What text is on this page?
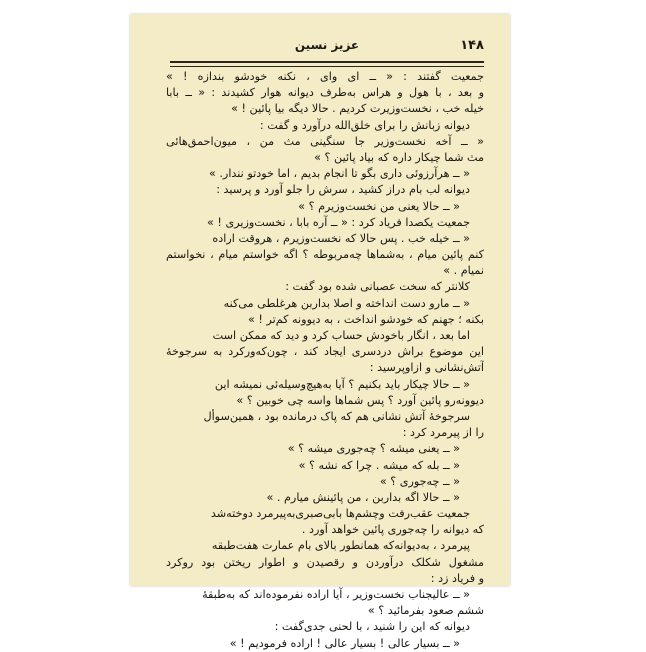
۱۴۸
عزیز نسین
جمعیت گفتند : « ــ ای وای ، نکنه خودشو بندازه ! »
و بعد ، با هول و هراس به‌طرف دیوانه هوار کشیدند : « ــ بابا
خیله خب ، نخست‌وزیرت کردیم . حالا دیگه بیا پائین ! »
دیوانه زبانش را برای خلق‌الله درآورد و گفت :
« ــ آخه نخست‌وزیر جا سنگینی مث من ، میون‌احمق‌هائی
مث شما چیکار داره که بیاد پائین ؟ »
« ــ هرآرزوئی داری بگو تا انجام بدیم ، اما خودتو نندار. »
دیوانه لب بام دراز کشید ، سرش را جلو آورد و پرسید :
« ــ حالا یعنی من نخست‌وزیرم ؟ »
جمعیت یکصدا فریاد کرد : « ــ آره بابا ، نخست‌وزیری ! »
« ــ خیله خب . پس حالا که نخست‌وزیرم ، هروقت اراده
کنم پائین میام ، به‌شماها چه‌مربوطه ؟ اگه خواستم میام ، نخواستم
نمیام . »
کلانتر که سخت عصبانی شده بود گفت :
« ــ مارو دست انداخته و اصلا بداربن هرغلطی می‌کنه
بکنه ؛ جهنم که خودشو انداخت ، به دیوونه کم‌تر ! »
اما بعد ، انگار باخودش حساب کرد و دید که ممکن است
این موضوع براش دردسری ایجاد کند ، چون‌که‌ورکرد به سرجوخهٔ
آتش‌نشانی و ازاوپرسید :
« ــ حالا چیکار باید بکنیم ؟ آیا به‌هیچ‌وسیله‌ئی نمیشه این
دیوونه‌رو پائین آورد ؟ پس شماها واسه چی خوبین ؟ »
سرجوخهٔ آتش نشانی هم که پاک درمانده بود ، همین‌سوأل
را از پیرمرد کرد :
« ــ یعنی میشه ؟ چه‌جوری میشه ؟ »
« ــ بله که میشه . چرا که نشه ؟ »
« ــ چه‌جوری ؟ »
« ــ حالا اگه بداربن ، من پائینش میارم . »
جمعیت عقب‌رفت وچشم‌ها بابی‌صبری‌به‌پیرمرد دوخته‌شد
که دیوانه را چه‌جوری پائین خواهد آورد .
پیرمرد ، به‌دیوانه‌که همانطور بالای بام عمارت هفت‌طبقه
مشغول شکلک درآوردن و رقصیدن و اطوار ریختن بود روکرد
و فریاد زد :
« ــ عالیجناب نخست‌وزیر ، آیا اراده نفرموده‌اند که به‌طبقهٔ
ششم صعود بفرمائید ؟ »
دیوانه که این را شنید ، با لحنی جدی‌گفت :
« ــ بسیار عالی ! بسیار عالی ! اراده فرمودیم ! »
